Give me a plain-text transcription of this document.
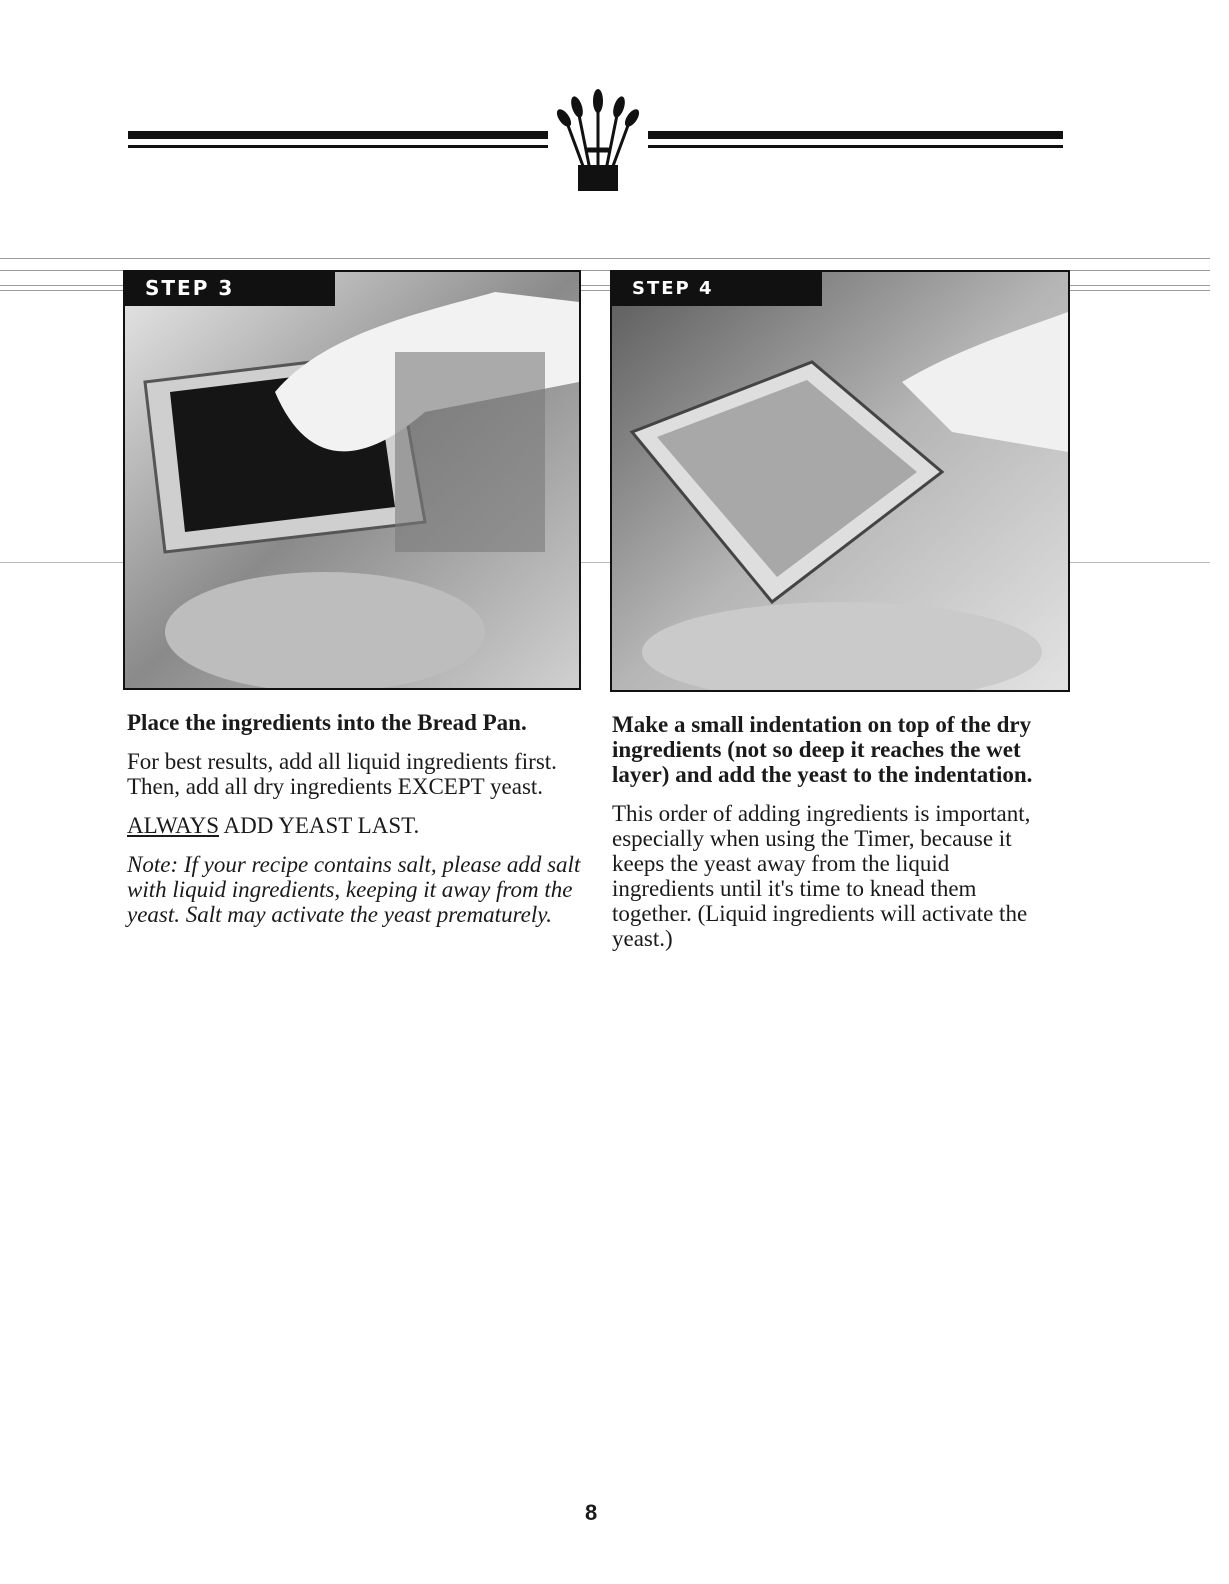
STEP 3

Place the ingredients into the Bread Pan.

For best results, add all liquid ingredients first. Then, add all dry ingredients EXCEPT yeast.

ALWAYS ADD YEAST LAST.

Note: If your recipe contains salt, please add salt with liquid ingredients, keeping it away from the yeast. Salt may activate the yeast prematurely.

STEP 4

Make a small indentation on top of the dry ingredients (not so deep it reaches the wet layer) and add the yeast to the indentation.

This order of adding ingredients is important, especially when using the Timer, because it keeps the yeast away from the liquid ingredients until it's time to knead them together. (Liquid ingredients will activate the yeast.)

8
